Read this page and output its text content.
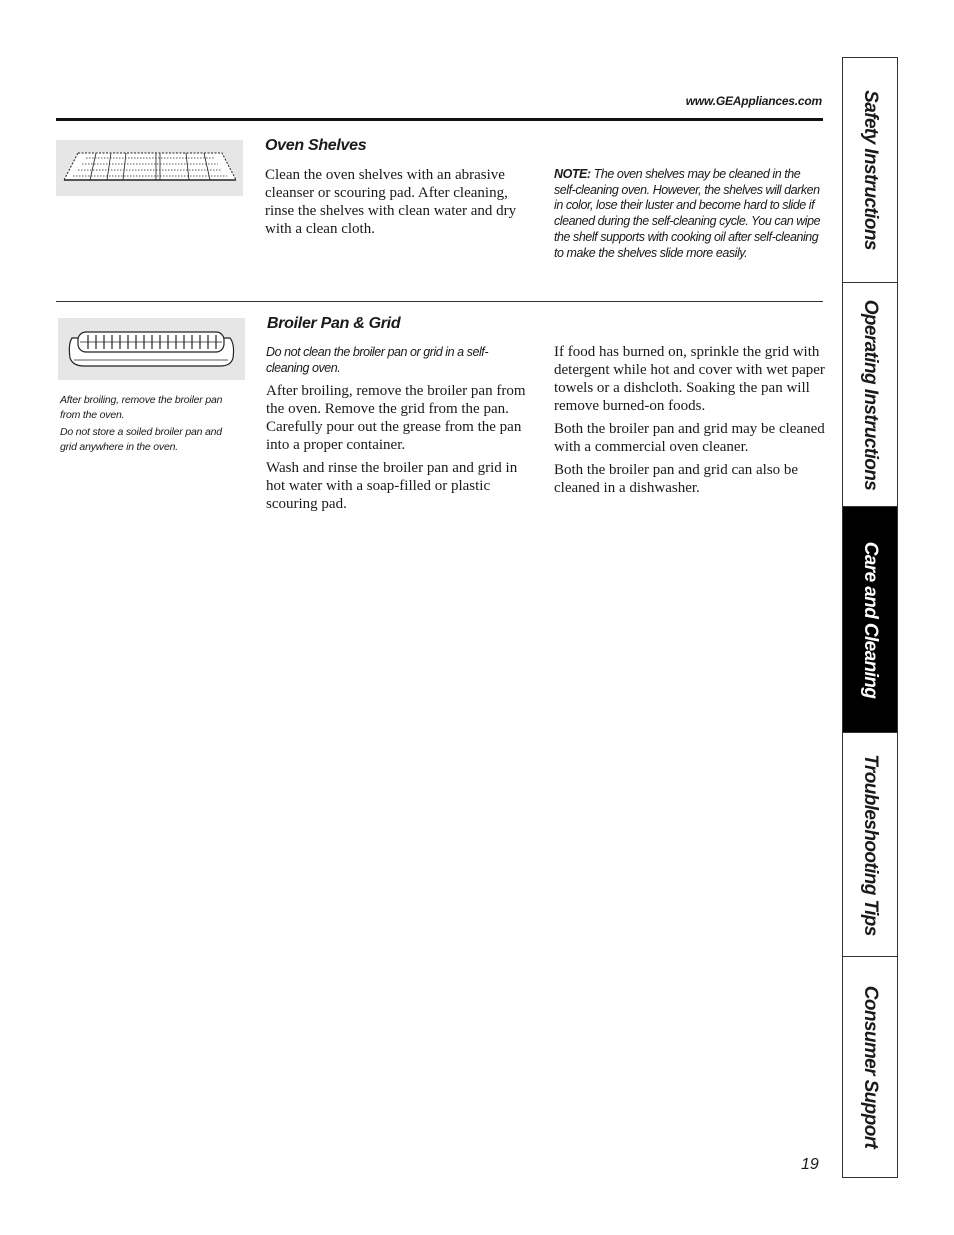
www.GEAppliances.com
Oven Shelves

Clean the oven shelves with an abrasive cleanser or scouring pad. After cleaning, rinse the shelves with clean water and dry with a clean cloth.

NOTE: The oven shelves may be cleaned in the self-cleaning oven. However, the shelves will darken in color, lose their luster and become hard to slide if cleaned during the self-cleaning cycle. You can wipe the shelf supports with cooking oil after self-cleaning to make the shelves slide more easily.

After broiling, remove the broiler pan from the oven.

Do not store a soiled broiler pan and grid anywhere in the oven.

Broiler Pan & Grid
Do not clean the broiler pan or grid in a self-cleaning oven.

After broiling, remove the broiler pan from the oven. Remove the grid from the pan. Carefully pour out the grease from the pan into a proper container.

Wash and rinse the broiler pan and grid in hot water with a soap-filled or plastic scouring pad.

If food has burned on, sprinkle the grid with detergent while hot and cover with wet paper towels or a dishcloth. Soaking the pan will remove burned-on foods.

Both the broiler pan and grid may be cleaned with a commercial oven cleaner.

Both the broiler pan and grid can also be cleaned in a dishwasher.

Safety Instructions
Operating Instructions
Care and Cleaning
Troubleshooting Tips
Consumer Support
19
